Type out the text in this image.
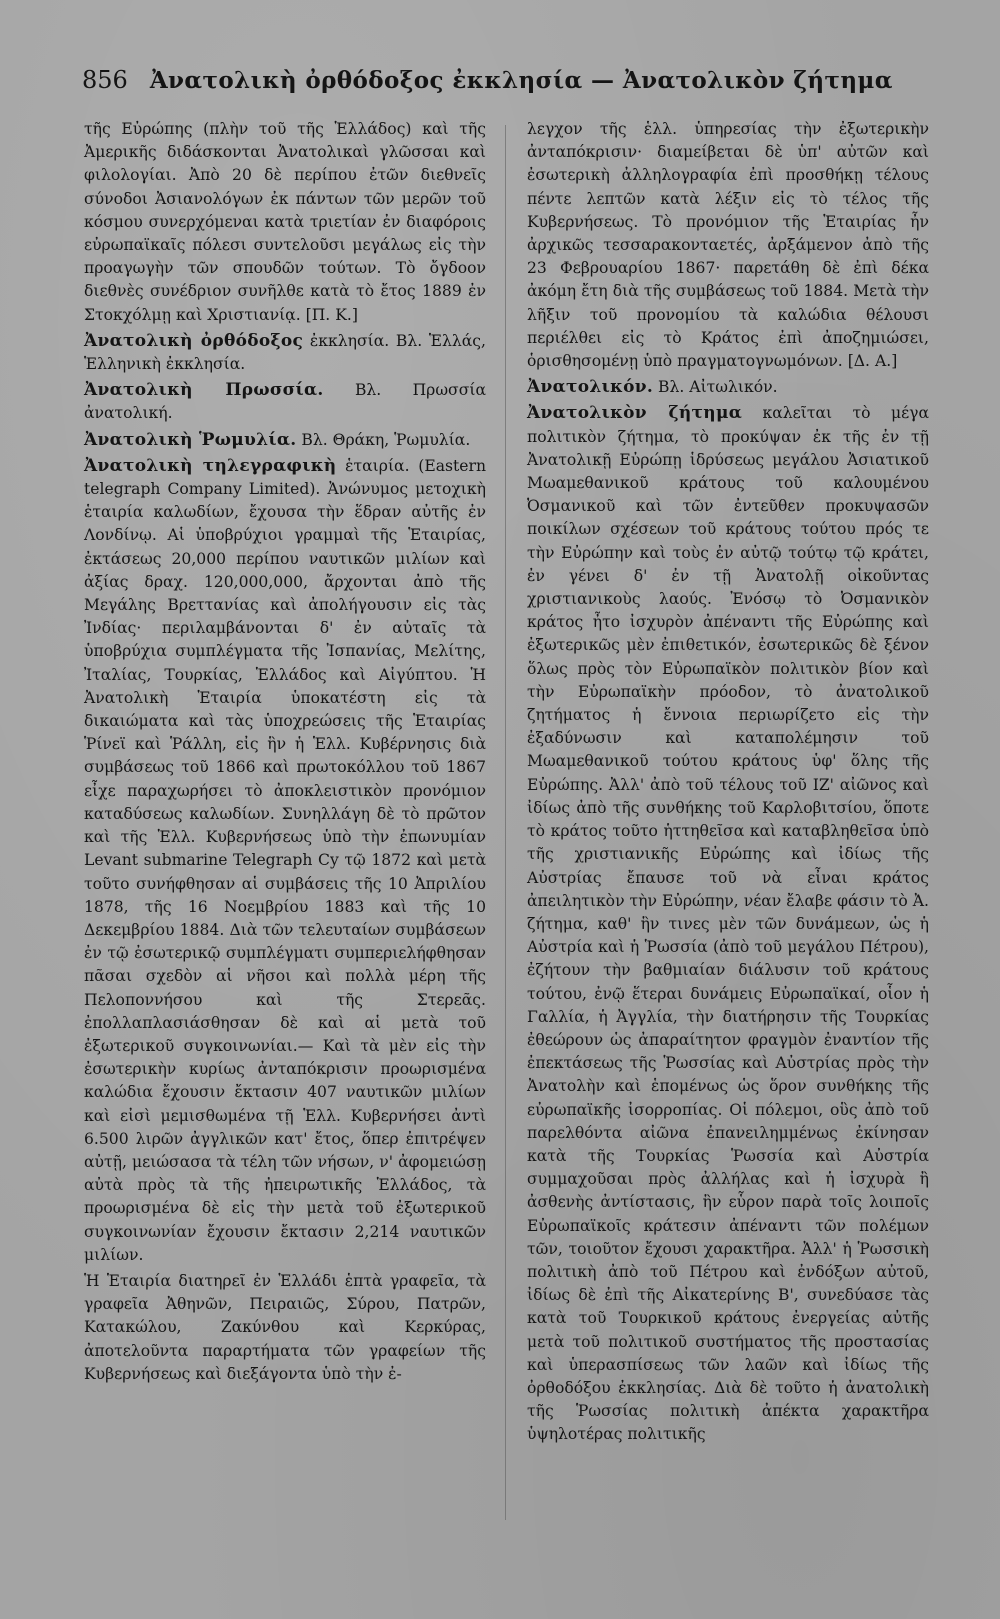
856 Ἀνατολικὴ ὀρθόδοξος ἐκκλησία — Ἀνατολικὸν ζήτημα

τῆς Εὐρώπης (πλὴν τοῦ τῆς Ἑλλάδος) καὶ τῆς Ἀμερικῆς διδάσκονται Ἀνατολικαὶ γλῶσσαι καὶ φιλολογίαι. Ἀπὸ 20 δὲ περίπου ἐτῶν διεθνεῖς σύνοδοι Ἀσιανολόγων ἐκ πάντων τῶν μερῶν τοῦ κόσμου συνερχόμεναι κατὰ τριετίαν ἐν διαφόροις εὐρωπαϊκαῖς πόλεσι συντελοῦσι μεγάλως εἰς τὴν προαγωγὴν τῶν σπουδῶν τούτων. Τὸ ὄγδοον διεθνὲς συνέδριον συνῆλθε κατὰ τὸ ἔτος 1889 ἐν Στοκχόλμῃ καὶ Χριστιανίᾳ. [Π. Κ.]

Ἀνατολικὴ ὀρθόδοξος ἐκκλησία. Βλ. Ἑλλάς, Ἑλληνικὴ ἐκκλησία.

Ἀνατολικὴ Πρωσσία. Βλ. Πρωσσία ἀνατολική.

Ἀνατολικὴ Ῥωμυλία. Βλ. Θράκη, Ῥωμυλία.

Ἀνατολικὴ τηλεγραφικὴ ἑταιρία. (Eastern telegraph Company Limited). Ἀνώνυμος μετοχικὴ ἑταιρία καλωδίων, ἔχουσα τὴν ἕδραν αὐτῆς ἐν Λονδίνῳ. Αἱ ὑποβρύχιοι γραμμαὶ τῆς Ἑταιρίας, ἐκτάσεως 20,000 περίπου ναυτικῶν μιλίων καὶ ἀξίας δραχ. 120,000,000, ἄρχονται ἀπὸ τῆς Μεγάλης Βρεττανίας καὶ ἀπολήγουσιν εἰς τὰς Ἰνδίας· περιλαμβάνονται δ' ἐν αὐταῖς τὰ ὑποβρύχια συμπλέγματα τῆς Ἰσπανίας, Μελίτης, Ἰταλίας, Τουρκίας, Ἑλλάδος καὶ Αἰγύπτου. Ἡ Ἀνατολικὴ Ἑταιρία ὑποκατέστη εἰς τὰ δικαιώματα καὶ τὰς ὑποχρεώσεις τῆς Ἑταιρίας Ῥίνεϊ καὶ Ῥάλλη, εἰς ἣν ἡ Ἑλλ. Κυβέρνησις διὰ συμβάσεως τοῦ 1866 καὶ πρωτοκόλλου τοῦ 1867 εἶχε παραχωρήσει τὸ ἀποκλειστικὸν προνόμιον καταδύσεως καλωδίων. Συνηλλάγη δὲ τὸ πρῶτον καὶ τῆς Ἑλλ. Κυβερνήσεως ὑπὸ τὴν ἐπωνυμίαν Levant submarine Telegraph Cy τῷ 1872 καὶ μετὰ τοῦτο συνήφθησαν αἱ συμβάσεις τῆς 10 Ἀπριλίου 1878, τῆς 16 Νοεμβρίου 1883 καὶ τῆς 10 Δεκεμβρίου 1884. Διὰ τῶν τελευταίων συμβάσεων ἐν τῷ ἐσωτερικῷ συμπλέγματι συμπεριελήφθησαν πᾶσαι σχεδὸν αἱ νῆσοι καὶ πολλὰ μέρη τῆς Πελοποννήσου καὶ τῆς Στερεᾶς. ἐπολλαπλασιάσθησαν δὲ καὶ αἱ μετὰ τοῦ ἐξωτερικοῦ συγκοινωνίαι.— Καὶ τὰ μὲν εἰς τὴν ἐσωτερικὴν κυρίως ἀνταπόκρισιν προωρισμένα καλώδια ἔχουσιν ἔκτασιν 407 ναυτικῶν μιλίων καὶ εἰσὶ μεμισθωμένα τῇ Ἑλλ. Κυβερνήσει ἀντὶ 6.500 λιρῶν ἀγγλικῶν κατ' ἔτος, ὅπερ ἐπιτρέψεν αὐτῇ, μειώσασα τὰ τέλη τῶν νήσων, ν' ἀφομειώσῃ αὐτὰ πρὸς τὰ τῆς ἠπειρωτικῆς Ἑλλάδος, τὰ προωρισμένα δὲ εἰς τὴν μετὰ τοῦ ἐξωτερικοῦ συγκοινωνίαν ἔχουσιν ἔκτασιν 2,214 ναυτικῶν μιλίων.

Ἡ Ἑταιρία διατηρεῖ ἐν Ἑλλάδι ἑπτὰ γραφεῖα, τὰ γραφεῖα Ἀθηνῶν, Πειραιῶς, Σύρου, Πατρῶν, Κατακώλου, Ζακύνθου καὶ Κερκύρας, ἀποτελοῦντα παραρτήματα τῶν γραφείων τῆς Κυβερνήσεως καὶ διεξάγοντα ὑπὸ τὴν ἐ-

λεγχον τῆς ἑλλ. ὑπηρεσίας τὴν ἐξωτερικὴν ἀνταπόκρισιν· διαμείβεται δὲ ὑπ' αὐτῶν καὶ ἐσωτερικὴ ἀλληλογραφία ἐπὶ προσθήκῃ τέλους πέντε λεπτῶν κατὰ λέξιν εἰς τὸ τέλος τῆς Κυβερνήσεως. Τὸ προνόμιον τῆς Ἑταιρίας ἦν ἀρχικῶς τεσσαρακονταετές, ἀρξάμενον ἀπὸ τῆς 23 Φεβρουαρίου 1867· παρετάθη δὲ ἐπὶ δέκα ἀκόμη ἔτη διὰ τῆς συμβάσεως τοῦ 1884. Μετὰ τὴν λῆξιν τοῦ προνομίου τὰ καλώδια θέλουσι περιέλθει εἰς τὸ Κράτος ἐπὶ ἀποζημιώσει, ὁρισθησομένῃ ὑπὸ πραγματογνωμόνων. [Δ. Α.]

Ἀνατολικόν. Βλ. Αἰτωλικόν.

Ἀνατολικὸν ζήτημα καλεῖται τὸ μέγα πολιτικὸν ζήτημα, τὸ προκύψαν ἐκ τῆς ἐν τῇ Ἀνατολικῇ Εὐρώπῃ ἱδρύσεως μεγάλου Ἀσιατικοῦ Μωαμεθανικοῦ κράτους τοῦ καλουμένου Ὀσμανικοῦ καὶ τῶν ἐντεῦθεν προκυψασῶν ποικίλων σχέσεων τοῦ κράτους τούτου πρός τε τὴν Εὐρώπην καὶ τοὺς ἐν αὐτῷ τούτῳ τῷ κράτει, ἐν γένει δ' ἐν τῇ Ἀνατολῇ οἰκοῦντας χριστιανικοὺς λαούς. Ἐνόσῳ τὸ Ὀσμανικὸν κράτος ἦτο ἰσχυρὸν ἀπέναντι τῆς Εὐρώπης καὶ ἐξωτερικῶς μὲν ἐπιθετικόν, ἐσωτερικῶς δὲ ξένον ὅλως πρὸς τὸν Εὐρωπαϊκὸν πολιτικὸν βίον καὶ τὴν Εὐρωπαϊκὴν πρόοδον, τὸ ἀνατολικοῦ ζητήματος ἡ ἔννοια περιωρίζετο εἰς τὴν ἐξαδύνωσιν καὶ καταπολέμησιν τοῦ Μωαμεθανικοῦ τούτου κράτους ὑφ' ὅλης τῆς Εὐρώπης. Ἀλλ' ἀπὸ τοῦ τέλους τοῦ ΙΖ' αἰῶνος καὶ ἰδίως ἀπὸ τῆς συνθήκης τοῦ Καρλοβιτσίου, ὅποτε τὸ κράτος τοῦτο ἡττηθεῖσα καὶ καταβληθεῖσα ὑπὸ τῆς χριστιανικῆς Εὐρώπης καὶ ἰδίως τῆς Αὐστρίας ἔπαυσε τοῦ νὰ εἶναι κράτος ἀπειλητικὸν τὴν Εὐρώπην, νέαν ἔλαβε φάσιν τὸ Ἀ. ζήτημα, καθ' ἣν τινες μὲν τῶν δυνάμεων, ὡς ἡ Αὐστρία καὶ ἡ Ῥωσσία (ἀπὸ τοῦ μεγάλου Πέτρου), ἐζήτουν τὴν βαθμιαίαν διάλυσιν τοῦ κράτους τούτου, ἐνῷ ἕτεραι δυνάμεις Εὐρωπαϊκαί, οἷον ἡ Γαλλία, ἡ Ἀγγλία, τὴν διατήρησιν τῆς Τουρκίας ἐθεώρουν ὡς ἀπαραίτητον φραγμὸν ἐναντίον τῆς ἐπεκτάσεως τῆς Ῥωσσίας καὶ Αὐστρίας πρὸς τὴν Ἀνατολὴν καὶ ἑπομένως ὡς ὅρον συνθήκης τῆς εὐρωπαϊκῆς ἰσορροπίας. Οἱ πόλεμοι, οὓς ἀπὸ τοῦ παρελθόντα αἰῶνα ἐπανειλημμένως ἐκίνησαν κατὰ τῆς Τουρκίας Ῥωσσία καὶ Αὐστρία συμμαχοῦσαι πρὸς ἀλλήλας καὶ ἡ ἰσχυρὰ ἢ ἀσθενὴς ἀντίστασις, ἣν εὗρον παρὰ τοῖς λοιποῖς Εὐρωπαϊκοῖς κράτεσιν ἀπέναντι τῶν πολέμων τῶν, τοιοῦτον ἔχουσι χαρακτῆρα. Ἀλλ' ἡ Ῥωσσικὴ πολιτικὴ ἀπὸ τοῦ Πέτρου καὶ ἐνδόξων αὐτοῦ, ἰδίως δὲ ἐπὶ τῆς Αἰκατερίνης Β', συνεδύασε τὰς κατὰ τοῦ Τουρκικοῦ κράτους ἐνεργείας αὐτῆς μετὰ τοῦ πολιτικοῦ συστήματος τῆς προστασίας καὶ ὑπερασπίσεως τῶν λαῶν καὶ ἰδίως τῆς ὀρθοδόξου ἐκκλησίας. Διὰ δὲ τοῦτο ἡ ἀνατολικὴ τῆς Ῥωσσίας πολιτικὴ ἀπέκτα χαρακτῆρα ὑψηλοτέρας πολιτικῆς
